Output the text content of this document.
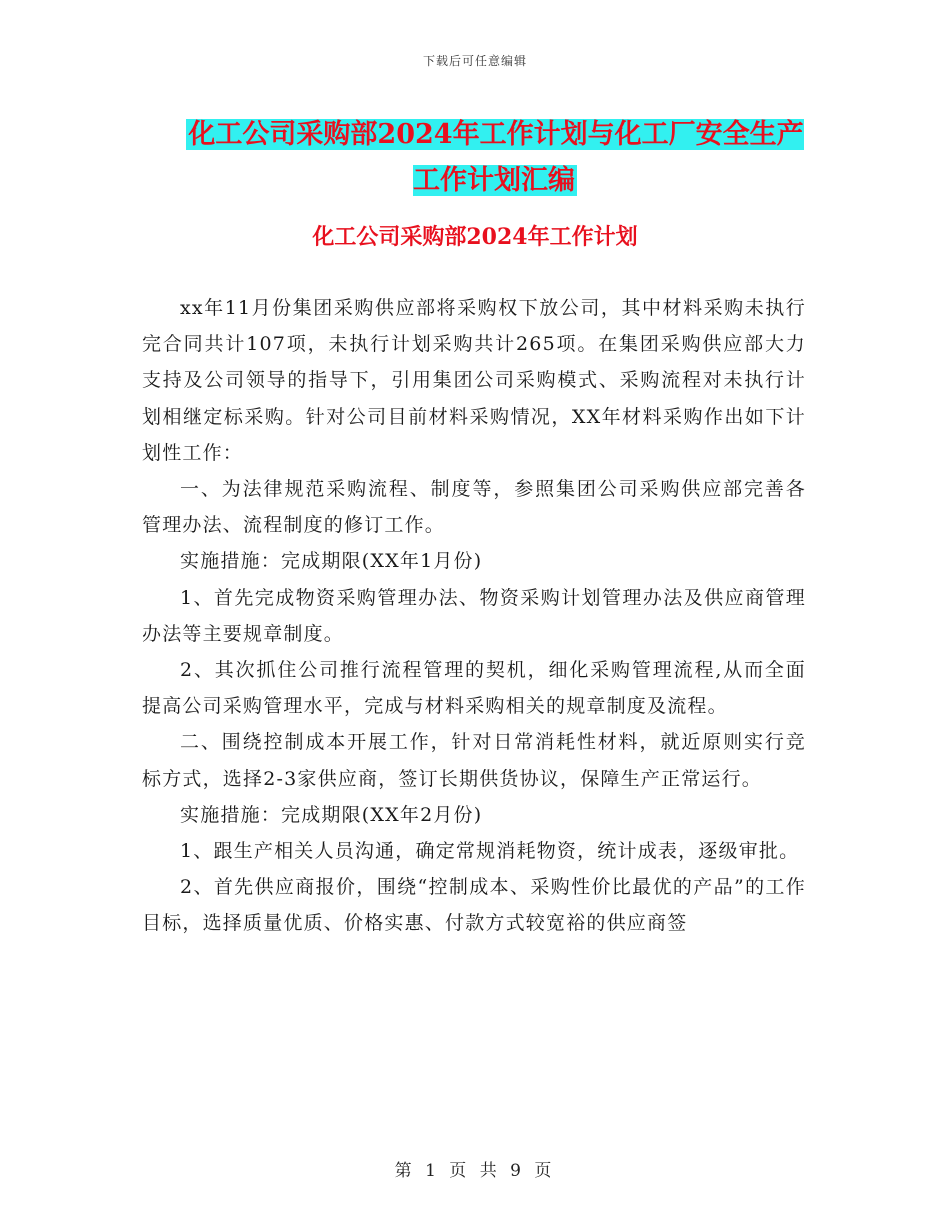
下载后可任意编辑
化工公司采购部2024年工作计划与化工厂安全生产工作计划汇编
化工公司采购部2024年工作计划

xx年11月份集团采购供应部将采购权下放公司，其中材料采购未执行完合同共计107项，未执行计划采购共计265项。在集团采购供应部大力支持及公司领导的指导下，引用集团公司采购模式、采购流程对未执行计划相继定标采购。针对公司目前材料采购情况，XX年材料采购作出如下计划性工作：

一、为法律规范采购流程、制度等，参照集团公司采购供应部完善各管理办法、流程制度的修订工作。

实施措施：完成期限(XX年1月份)

1、首先完成物资采购管理办法、物资采购计划管理办法及供应商管理办法等主要规章制度。

2、其次抓住公司推行流程管理的契机，细化采购管理流程,从而全面提高公司采购管理水平，完成与材料采购相关的规章制度及流程。

二、围绕控制成本开展工作，针对日常消耗性材料，就近原则实行竞标方式，选择2-3家供应商，签订长期供货协议，保障生产正常运行。

实施措施：完成期限(XX年2月份)

1、跟生产相关人员沟通，确定常规消耗物资，统计成表，逐级审批。

2、首先供应商报价，围绕“控制成本、采购性价比最优的产品”的工作目标，选择质量优质、价格实惠、付款方式较宽裕的供应商签

第 1 页 共 9 页
